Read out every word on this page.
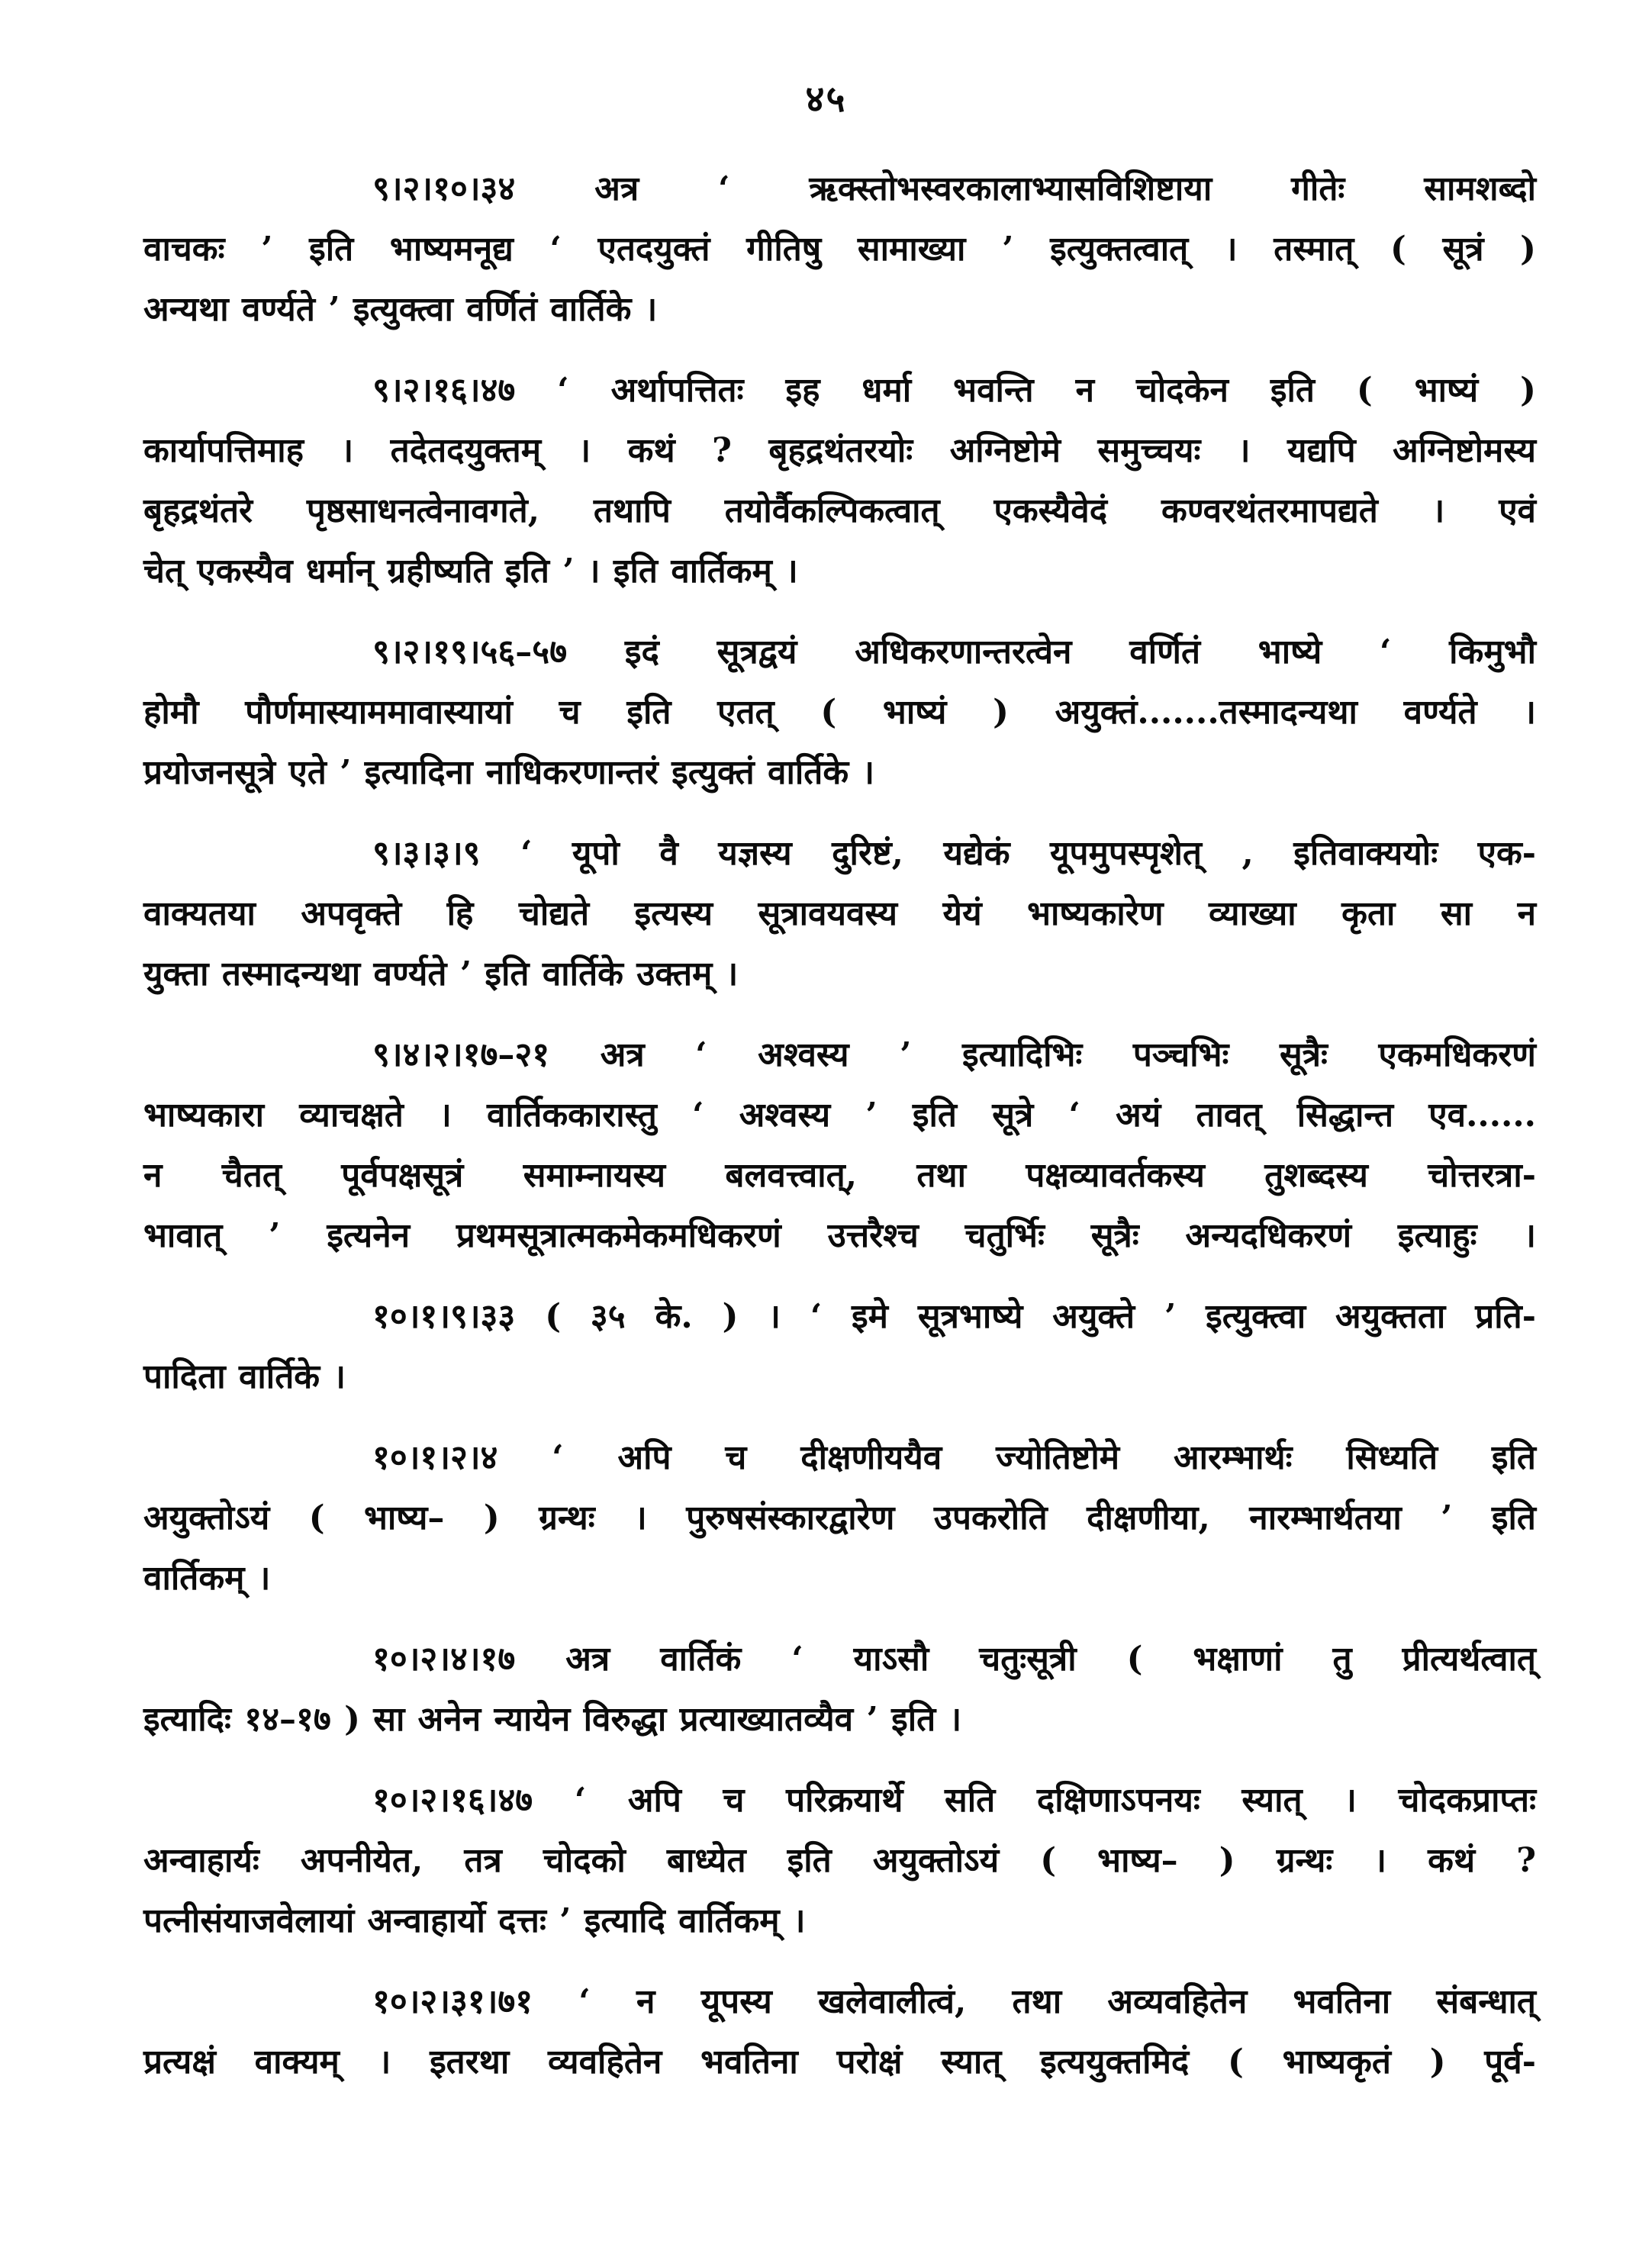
४५
९।२।१०।३४ अत्र ‘ ऋक्स्तोभस्वरकालाभ्यासविशिष्टाया गीतेः सामशब्दो
वाचकः ’ इति भाष्यमनूद्य ‘ एतदयुक्तं गीतिषु सामाख्या ’ इत्युक्तत्वात् । तस्मात् ( सूत्रं )
अन्यथा वर्ण्यते ’ इत्युक्त्वा वर्णितं वार्तिके ।
९।२।१६।४७ ‘ अर्थापत्तितः इह धर्मा भवन्ति न चोदकेन इति ( भाष्यं )
कार्यापत्तिमाह । तदेतदयुक्तम् । कथं ? बृहद्रथंतरयोः अग्निष्टोमे समुच्चयः । यद्यपि अग्निष्टोमस्य
बृहद्रथंतरे पृष्ठसाधनत्वेनावगते, तथापि तयोर्वैकल्पिकत्वात् एकस्यैवेदं कण्वरथंतरमापद्यते । एवं
चेत् एकस्यैव धर्मान् ग्रहीष्यति इति ’ । इति वार्तिकम् ।
९।२।१९।५६–५७ इदं सूत्रद्वयं अधिकरणान्तरत्वेन वर्णितं भाष्ये ‘ किमुभौ
होमौ पौर्णमास्याममावास्यायां च इति एतत् ( भाष्यं ) अयुक्तं.......तस्मादन्यथा वर्ण्यते ।
प्रयोजनसूत्रे एते ’ इत्यादिना नाधिकरणान्तरं इत्युक्तं वार्तिके ।
९।३।३।९ ‘ यूपो वै यज्ञस्य दुरिष्टं, यद्येकं यूपमुपस्पृशेत् , इतिवाक्ययोः एक-
वाक्यतया अपवृक्ते हि चोद्यते इत्यस्य सूत्रावयवस्य येयं भाष्यकारेण व्याख्या कृता सा न
युक्ता तस्मादन्यथा वर्ण्यते ’ इति वार्तिके उक्तम् ।
९।४।२।१७–२१ अत्र ‘ अश्वस्य ’ इत्यादिभिः पञ्चभिः सूत्रैः एकमधिकरणं
भाष्यकारा व्याचक्षते । वार्तिककारास्तु ‘ अश्वस्य ’ इति सूत्रे ‘ अयं तावत् सिद्धान्त एव......
न चैतत् पूर्वपक्षसूत्रं समाम्नायस्य बलवत्त्वात्, तथा पक्षव्यावर्तकस्य तुशब्दस्य चोत्तरत्रा-
भावात् ’ इत्यनेन प्रथमसूत्रात्मकमेकमधिकरणं उत्तरैश्च चतुर्भिः सूत्रैः अन्यदधिकरणं इत्याहुः ।
१०।१।९।३३ ( ३५ के. ) । ‘ इमे सूत्रभाष्ये अयुक्ते ’ इत्युक्त्वा अयुक्तता प्रति-
पादिता वार्तिके ।
१०।१।२।४ ‘ अपि च दीक्षणीययैव ज्योतिष्टोमे आरम्भार्थः सिध्यति इति
अयुक्तोऽयं ( भाष्य– ) ग्रन्थः । पुरुषसंस्कारद्वारेण उपकरोति दीक्षणीया, नारम्भार्थतया ’ इति
वार्तिकम् ।
१०।२।४।१७ अत्र वार्तिकं ‘ याऽसौ चतुःसूत्री ( भक्षाणां तु प्रीत्यर्थत्वात्
इत्यादिः १४–१७ ) सा अनेन न्यायेन विरुद्धा प्रत्याख्यातव्यैव ’ इति ।
१०।२।१६।४७ ‘ अपि च परिक्रयार्थे सति दक्षिणाऽपनयः स्यात् । चोदकप्राप्तः
अन्वाहार्यः अपनीयेत, तत्र चोदको बाध्येत इति अयुक्तोऽयं ( भाष्य– ) ग्रन्थः । कथं ?
पत्नीसंयाजवेलायां अन्वाहार्यो दत्तः ’ इत्यादि वार्तिकम् ।
१०।२।३१।७१ ‘ न यूपस्य खलेवालीत्वं, तथा अव्यवहितेन भवतिना संबन्धात्
प्रत्यक्षं वाक्यम् । इतरथा व्यवहितेन भवतिना परोक्षं स्यात् इत्ययुक्तमिदं ( भाष्यकृतं ) पूर्व-
